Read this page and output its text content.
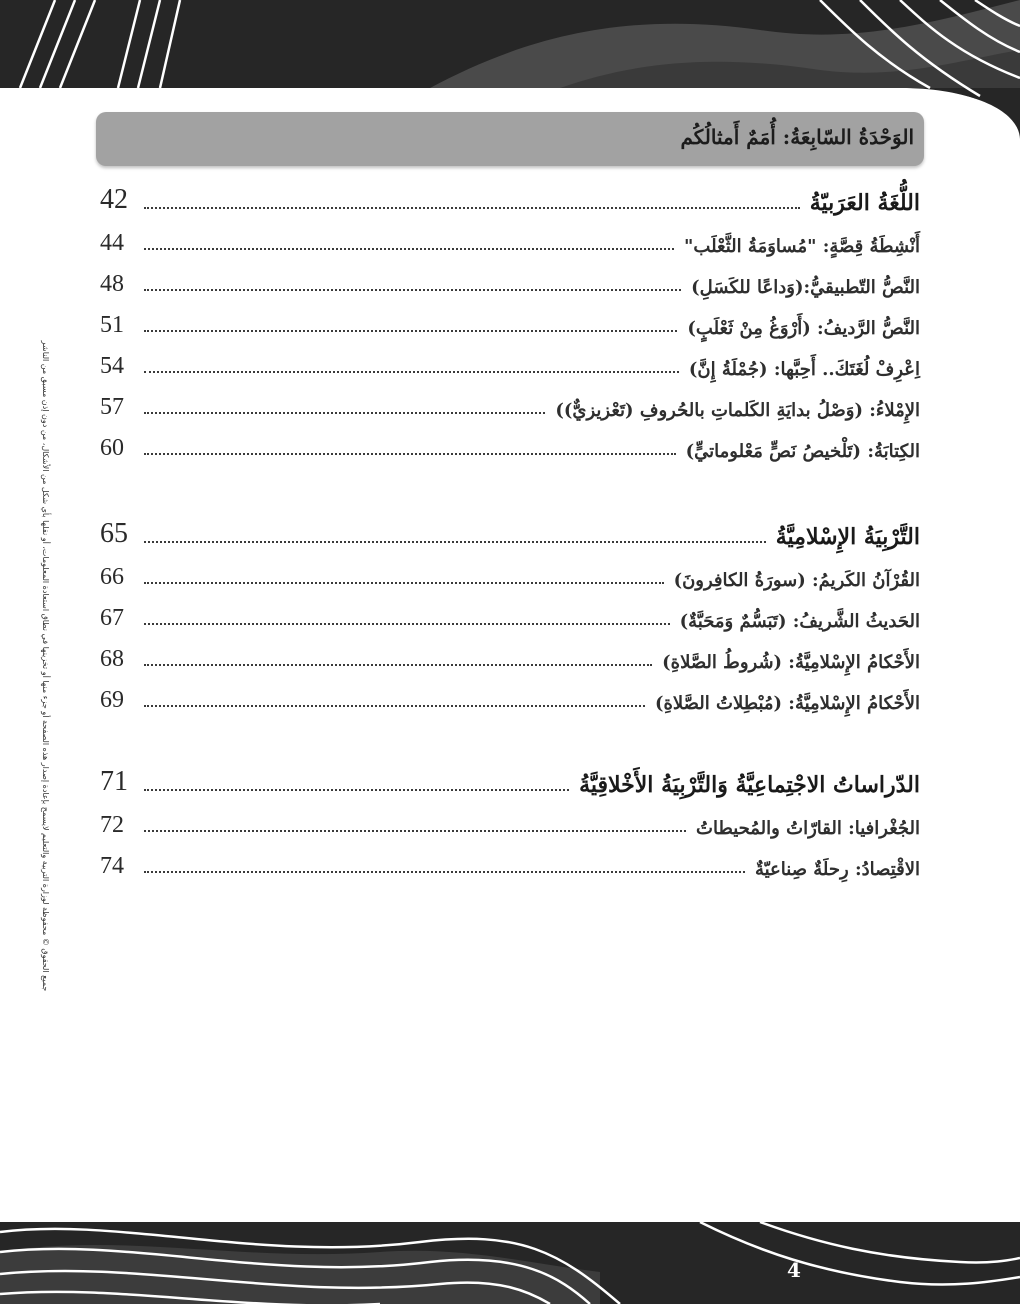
جميع الحقوق © محفوظة لوزارة التربية والتعليم لايسمح بإعادة إصدار هذه الصفحة أو جزء منها أو تخزينها في نطاق استعادة المعلومات، أو نقلها بأي شكل من الأشكال، من دون إذن مسبق من الناشر
الوَحْدَةُ السّابِعَةُ: أُمَمٌ أَمثالُكُم
اللُّغَةُ العَرَبيّةُ
42
أَنْشِطَةُ قِصَّةٍ: "مُساوَمَةُ الثَّعْلَب"
44
النَّصُّ التّطبيقيُّ:(وَداعًا للكَسَلِ)
48
النَّصُّ الرَّديفُ: (أَرْوَغُ مِنْ ثَعْلَبٍ)
51
اِعْرِفْ لُغَتَكَ.. أَحِبَّها: (جُمْلَةُ إِنَّ)
54
الإِمْلاءُ: (وَصْلُ بدايَةِ الكَلماتِ بالحُروفِ (تَعْزيزيٌّ))
57
الكِتابَةُ: (تَلْخيصُ نَصٍّ مَعْلوماتيٍّ)
60
التَّرْبِيَةُ الإِسْلامِيَّةُ
65
القُرْآنُ الكَريمُ: (سورَةُ الكافِرونَ)
66
الحَديثُ الشَّريفُ: (تَبَسُّمٌ وَمَحَبَّةٌ)
67
الأَحْكامُ الإِسْلامِيَّةُ: (شُروطُ الصَّلاةِ)
68
الأَحْكامُ الإِسْلامِيَّةُ: (مُبْطِلاتُ الصَّلاةِ)
69
الدّراساتُ الاجْتِماعِيَّةُ وَالتَّرْبِيَةُ الأَخْلاقِيَّةُ
71
الجُغْرافيا: القارّاتُ والمُحيطاتُ
72
الاقْتِصادُ: رِحلَةٌ صِناعيّةٌ
74
4
